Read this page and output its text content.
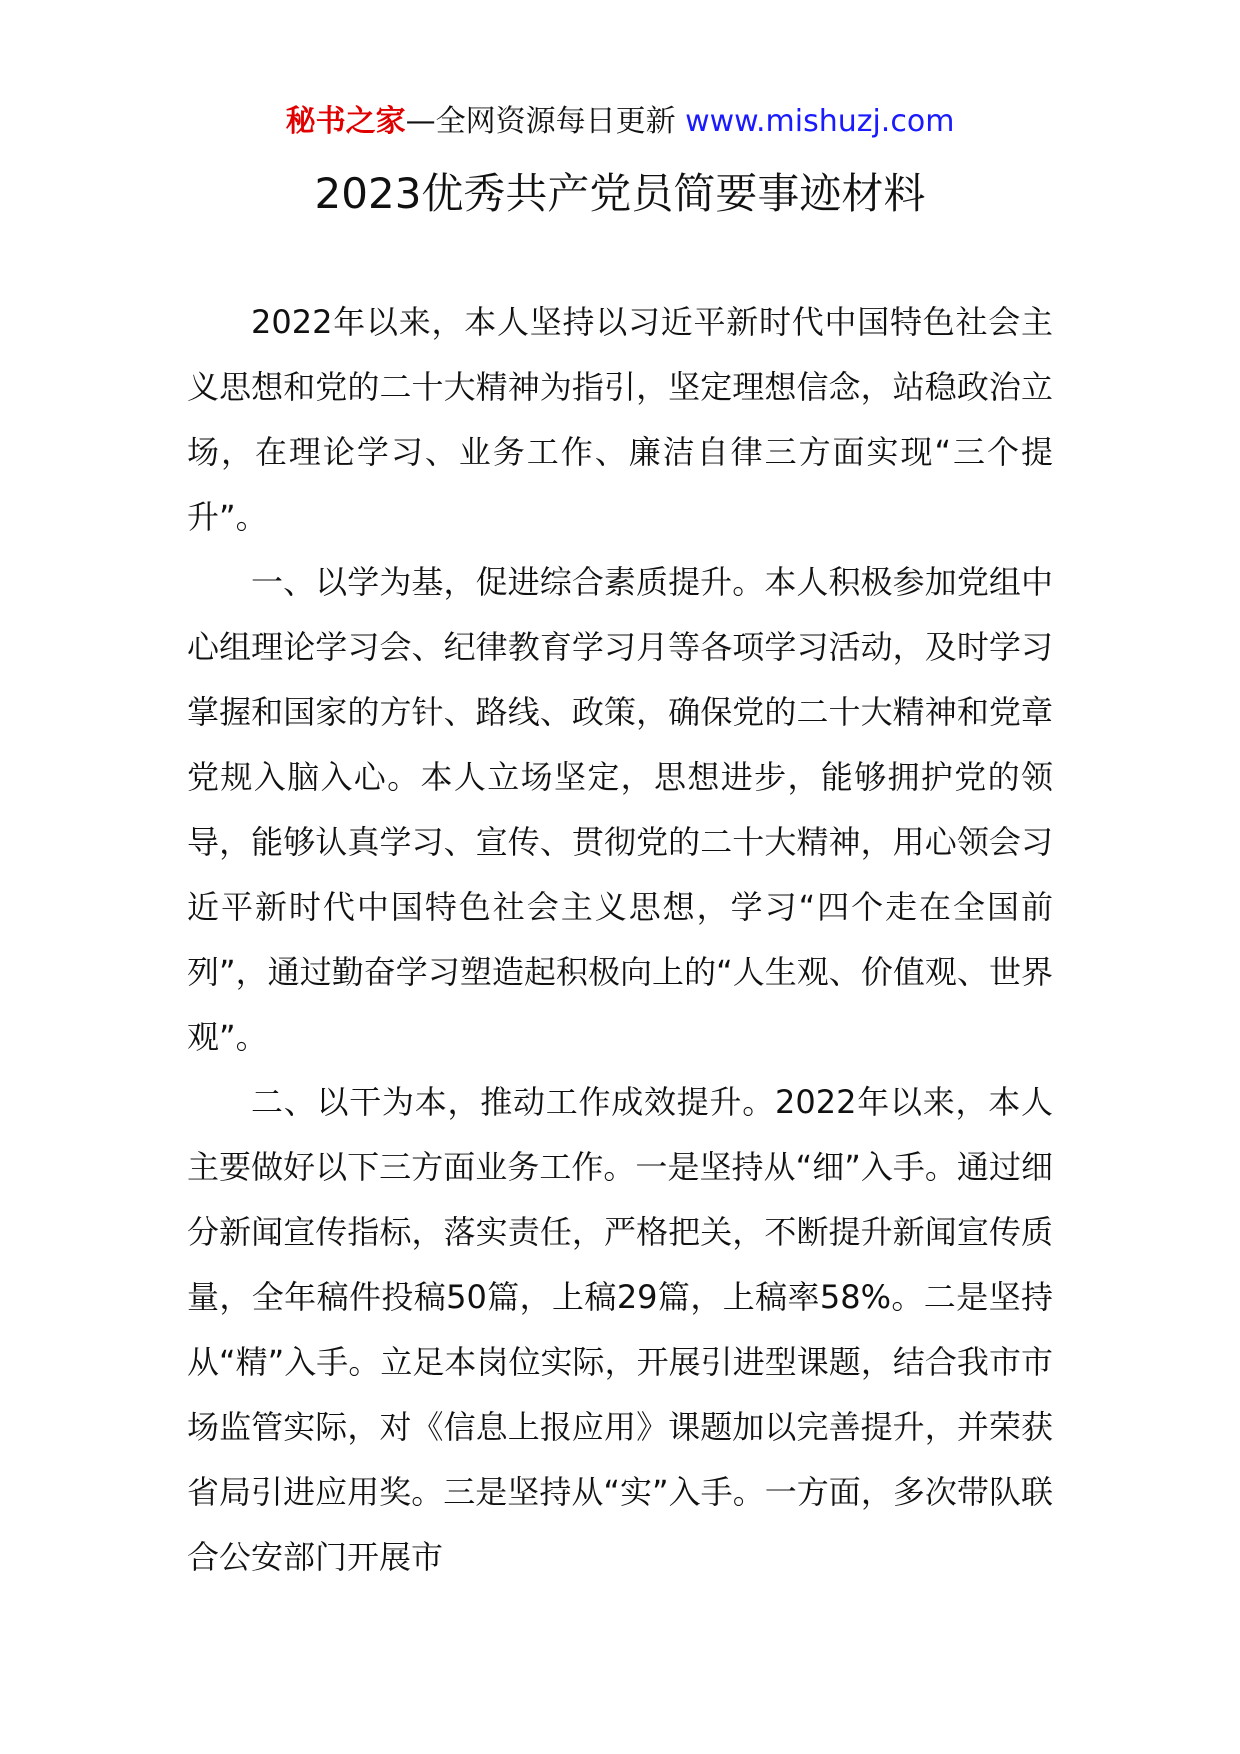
秘书之家—全网资源每日更新 www.mishuzj.com
2023优秀共产党员简要事迹材料

2022年以来，本人坚持以习近平新时代中国特色社会主义思想和党的二十大精神为指引，坚定理想信念，站稳政治立场，在理论学习、业务工作、廉洁自律三方面实现“三个提升”。

一、以学为基，促进综合素质提升。本人积极参加党组中心组理论学习会、纪律教育学习月等各项学习活动，及时学习掌握和国家的方针、路线、政策，确保党的二十大精神和党章党规入脑入心。本人立场坚定，思想进步，能够拥护党的领导，能够认真学习、宣传、贯彻党的二十大精神，用心领会习近平新时代中国特色社会主义思想，学习“四个走在全国前列”，通过勤奋学习塑造起积极向上的“人生观、价值观、世界观”。

二、以干为本，推动工作成效提升。2022年以来，本人主要做好以下三方面业务工作。一是坚持从“细”入手。通过细分新闻宣传指标，落实责任，严格把关，不断提升新闻宣传质量，全年稿件投稿50篇，上稿29篇，上稿率58%。二是坚持从“精”入手。立足本岗位实际，开展引进型课题，结合我市市场监管实际，对《信息上报应用》课题加以完善提升，并荣获省局引进应用奖。三是坚持从“实”入手。一方面，多次带队联合公安部门开展市
